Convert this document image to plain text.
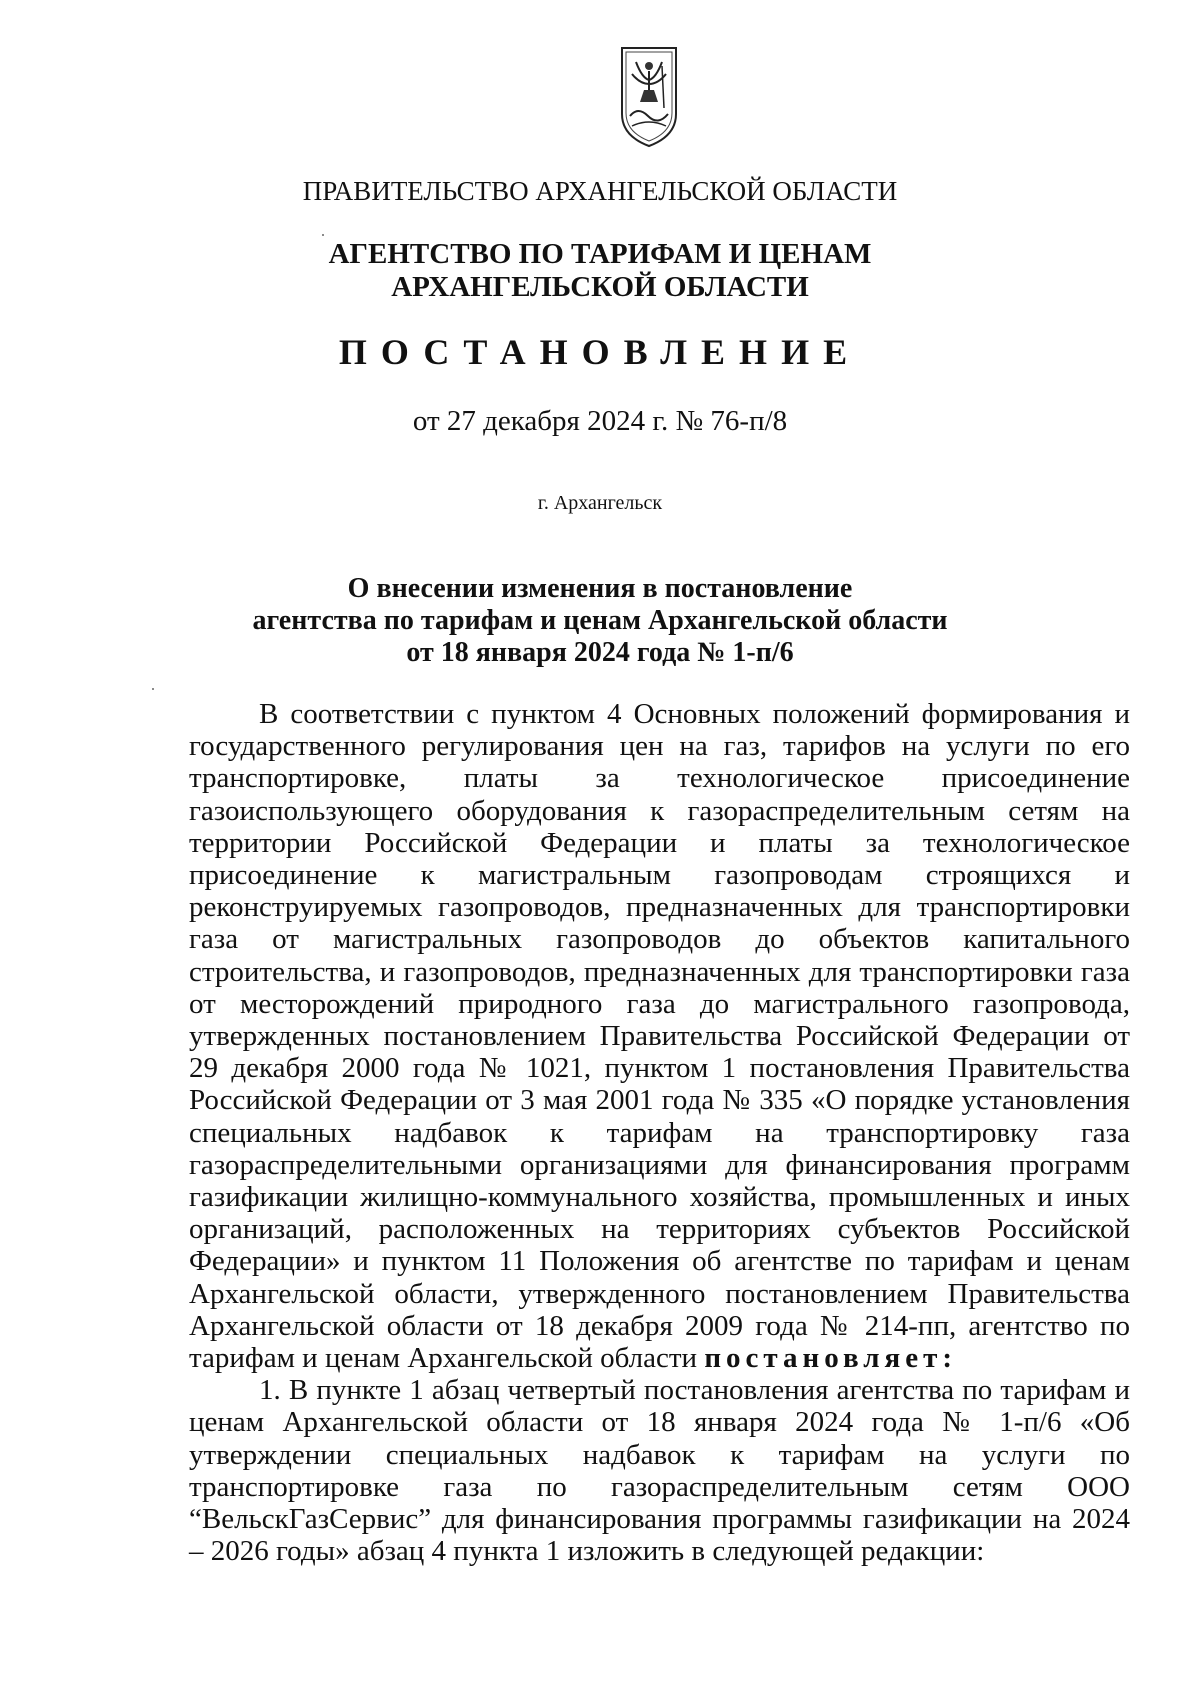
ПРАВИТЕЛЬСТВО АРХАНГЕЛЬСКОЙ ОБЛАСТИ
АГЕНТСТВО ПО ТАРИФАМ И ЦЕНАМ
АРХАНГЕЛЬСКОЙ ОБЛАСТИ
ПОСТАНОВЛЕНИЕ
от 27 декабря 2024 г. № 76-п/8
г. Архангельск
О внесении изменения в постановление
агентства по тарифам и ценам Архангельской области
от 18 января 2024 года № 1-п/6

В соответствии с пунктом 4 Основных положений формирования и государственного регулирования цен на газ, тарифов на услуги по его транспортировке, платы за технологическое присоединение газоиспользующего оборудования к газораспределительным сетям на территории Российской Федерации и платы за технологическое присоединение к магистральным газопроводам строящихся и реконструируемых газопроводов, предназначенных для транспортировки газа от магистральных газопроводов до объектов капитального строительства, и газопроводов, предназначенных для транспортировки газа от месторождений природного газа до магистрального газопровода, утвержденных постановлением Правительства Российской Федерации от 29 декабря 2000 года № 1021, пунктом 1 постановления Правительства Российской Федерации от 3 мая 2001 года № 335 «О порядке установления специальных надбавок к тарифам на транспортировку газа газораспределительными организациями для финансирования программ газификации жилищно-коммунального хозяйства, промышленных и иных организаций, расположенных на территориях субъектов Российской Федерации» и пунктом 11 Положения об агентстве по тарифам и ценам Архангельской области, утвержденного постановлением Правительства Архангельской области от 18 декабря 2009 года № 214-пп, агентство по тарифам и ценам Архангельской области постановляет:

1. В пункте 1 абзац четвертый постановления агентства по тарифам и ценам Архангельской области от 18 января 2024 года № 1-п/6 «Об утверждении специальных надбавок к тарифам на услуги по транспортировке газа по газораспределительным сетям ООО “ВельскГазСервис” для финансирования программы газификации на 2024 – 2026 годы» абзац 4 пункта 1 изложить в следующей редакции:
